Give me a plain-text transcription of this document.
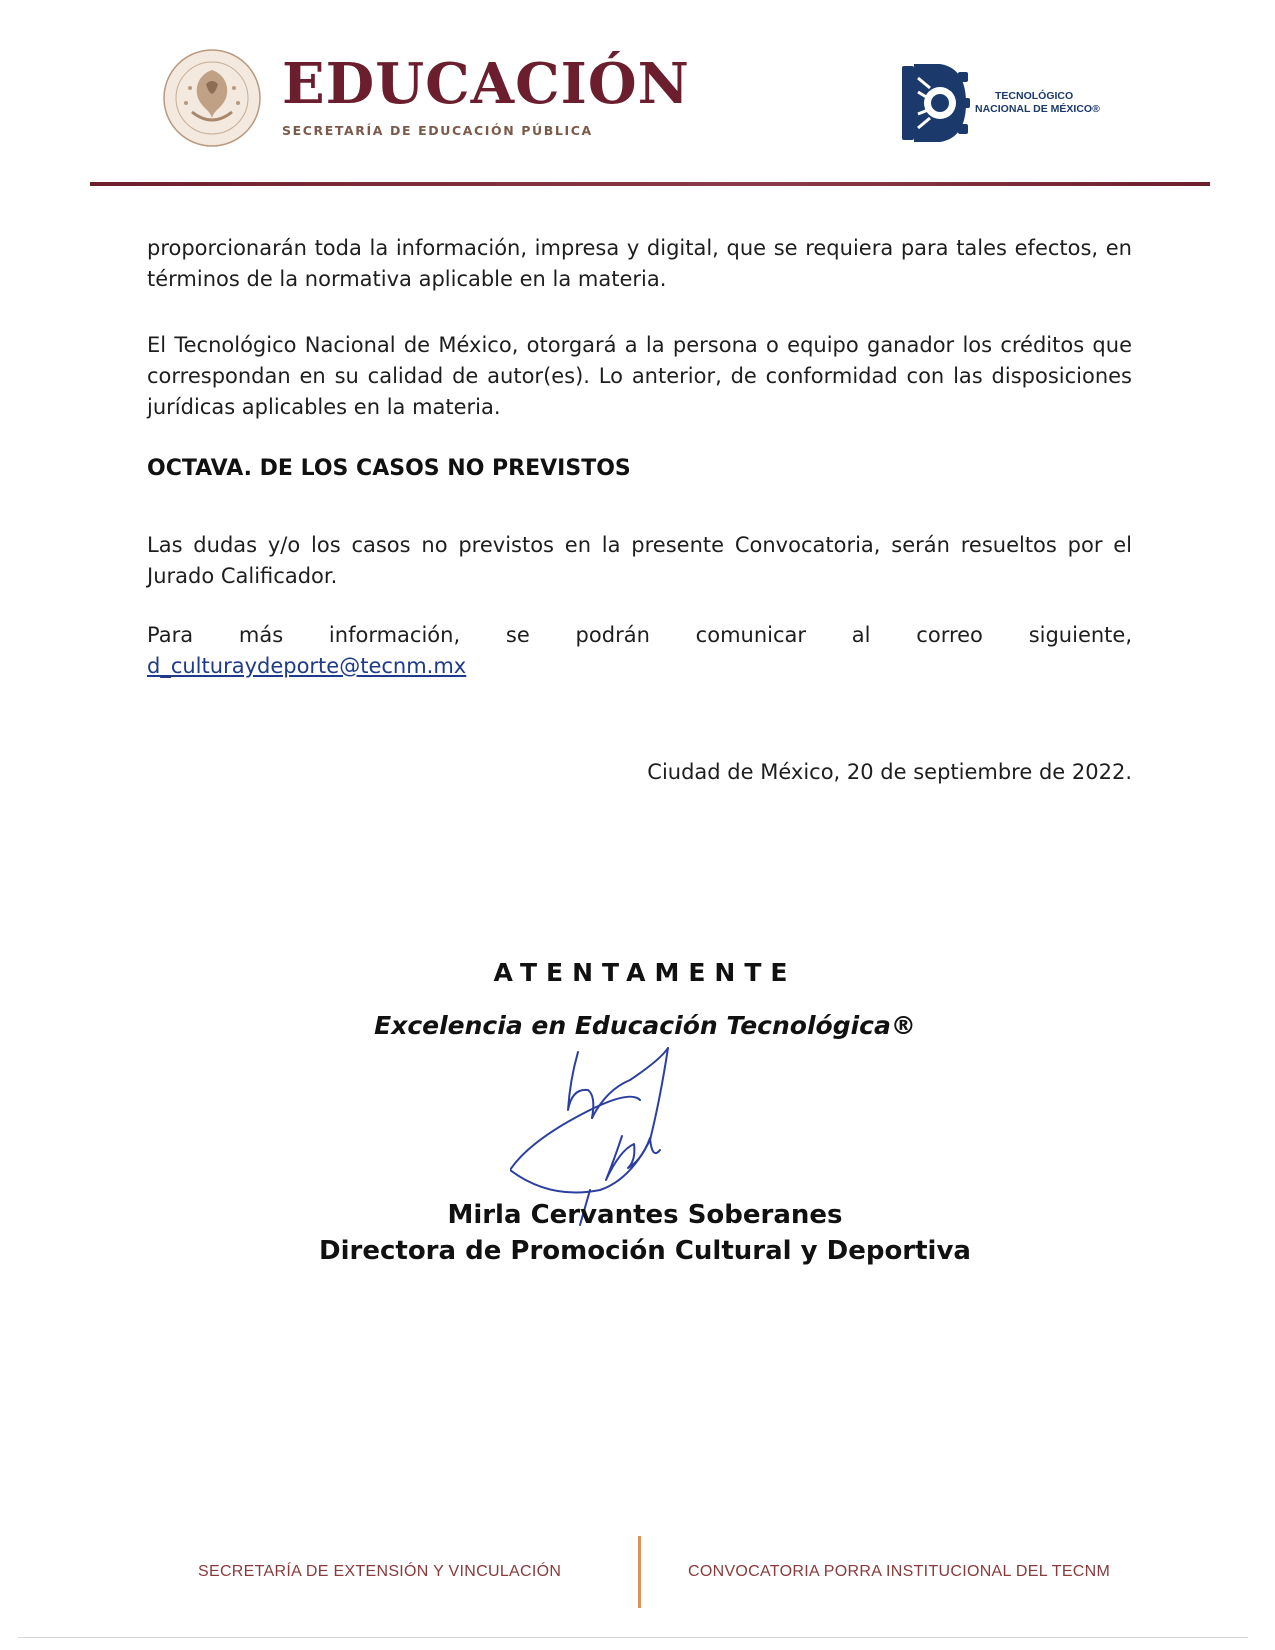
EDUCACIÓN
SECRETARÍA DE EDUCACIÓN PÚBLICA
TECNOLÓGICO
NACIONAL DE MÉXICO®

proporcionarán toda la información, impresa y digital, que se requiera para tales efectos, en términos de la normativa aplicable en la materia.

El Tecnológico Nacional de México, otorgará a la persona o equipo ganador los créditos que correspondan en su calidad de autor(es). Lo anterior, de conformidad con las disposiciones jurídicas aplicables en la materia.

OCTAVA. DE LOS CASOS NO PREVISTOS

Las dudas y/o los casos no previstos en la presente Convocatoria, serán resueltos por el Jurado Calificador.

Para más información, se podrán comunicar al correo siguiente,
d_culturaydeporte@tecnm.mx
Ciudad de México, 20 de septiembre de 2022.
ATENTAMENTE
Excelencia en Educación Tecnológica®
Mirla Cervantes Soberanes
Directora de Promoción Cultural y Deportiva
SECRETARÍA DE EXTENSIÓN Y VINCULACIÓN	CONVOCATORIA PORRA INSTITUCIONAL DEL TECNM
